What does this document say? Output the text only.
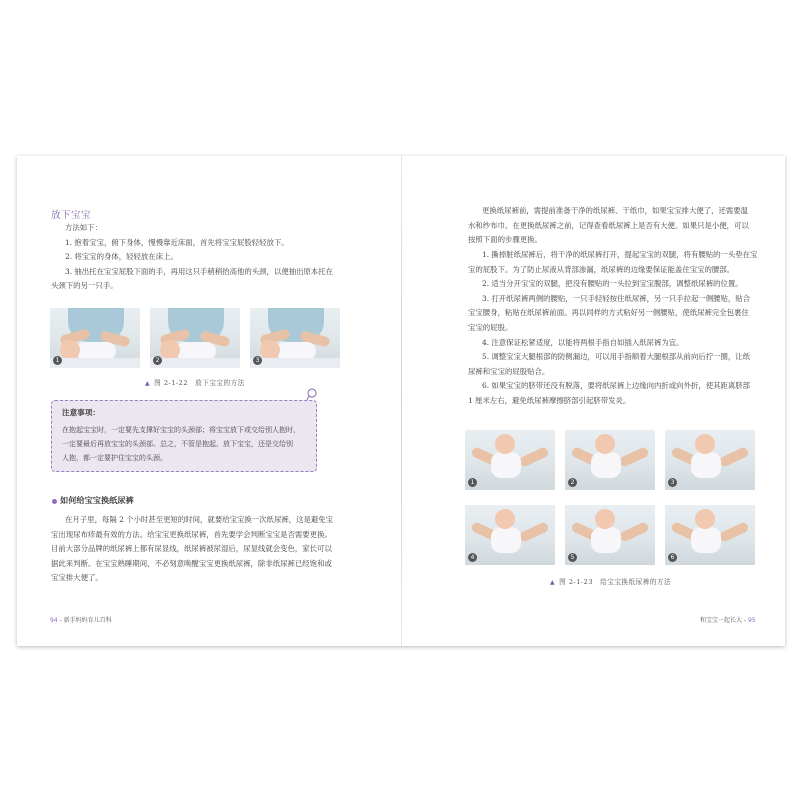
放下宝宝
方法如下：
1. 抱着宝宝，俯下身体，慢慢靠近床面，首先将宝宝屁股轻轻放下。
2. 将宝宝的身体，轻轻放在床上。
3. 抽出托在宝宝屁股下面的手，再用这只手稍稍抬高他的头颈，以便抽出原本托在
头颈下的另一只手。
1	2	3
▲ 图 2-1-22　放下宝宝的方法
注意事项：
在抱起宝宝时，一定要先支撑好宝宝的头颈部；将宝宝放下或交给别人抱时，
一定要最后再放宝宝的头颈部。总之，不管是抱起、放下宝宝，还是交给别
人抱，都一定要护住宝宝的头颈。
如何给宝宝换纸尿裤
在月子里，每隔 2 个小时甚至更短的时间，就要给宝宝换一次纸尿裤，这是避免宝
宝出现尿布疹最有效的方法。给宝宝更换纸尿裤，首先要学会判断宝宝是否需要更换。
目前大部分品牌的纸尿裤上都有尿显线，纸尿裤被尿湿后，尿显线就会变色，家长可以
据此来判断。在宝宝熟睡期间，不必刻意唤醒宝宝更换纸尿裤，除非纸尿裤已经饱和或
宝宝排大便了。
94 - 新手妈妈育儿百科
更换纸尿裤前，需提前准备干净的纸尿裤、干纸巾，如果宝宝排大便了，还需要温
水和纱布巾。在更换纸尿裤之前，记得查看纸尿裤上是否有大便。如果只是小便，可以
按照下面的步骤更换。
1. 撕掉脏纸尿裤后，将干净的纸尿裤打开，提起宝宝的双腿，将有腰贴的一头垫在宝
宝的屁股下。为了防止尿液从背部渗漏，纸尿裤的边缘要保证能盖住宝宝的腰部。
2. 适当分开宝宝的双腿，把没有腰贴的一头拉到宝宝腹部，调整纸尿裤的位置。
3. 打开纸尿裤两侧的腰贴，一只手轻轻按住纸尿裤，另一只手拉起一侧腰贴，贴合
宝宝腰身，粘贴在纸尿裤前面。再以同样的方式粘好另一侧腰贴，使纸尿裤完全包裹住
宝宝的屁股。
4. 注意保证松紧适度，以能将两根手指自如插入纸尿裤为宜。
5. 调整宝宝大腿根部的防侧漏边，可以用手指顺着大腿根部从前向后拧一圈，让纸
尿裤和宝宝的屁股贴合。
6. 如果宝宝的脐带还没有脱落，要将纸尿裤上边缘向内折或向外折，使其距离脐部
1 厘米左右，避免纸尿裤摩擦脐部引起脐带发炎。
1	2	3
4	5	6
▲ 图 2-1-23　给宝宝换纸尿裤的方法
和宝宝一起长大 - 95
